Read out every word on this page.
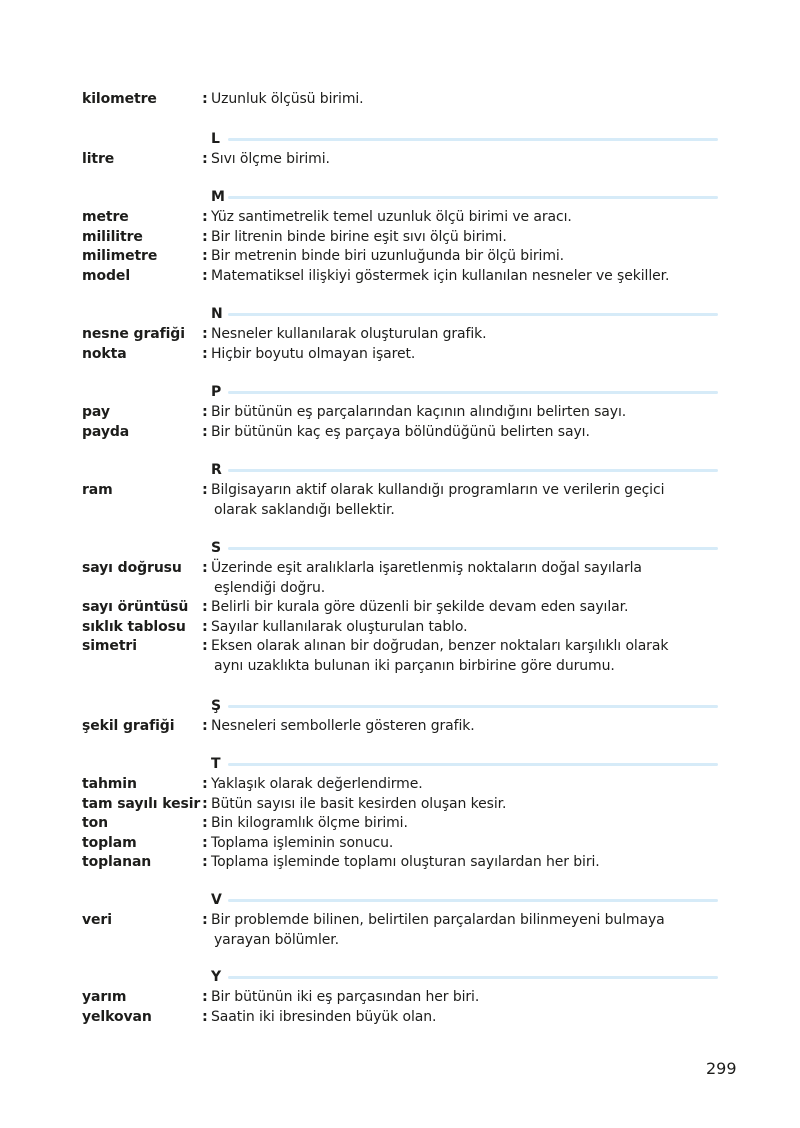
kilometre	: Uzunluk ölçüsü birimi.
L
litre	: Sıvı ölçme birimi.
M
metre	: Yüz santimetrelik temel uzunluk ölçü birimi ve aracı.
mililitre	: Bir litrenin binde birine eşit sıvı ölçü birimi.
milimetre	: Bir metrenin binde biri uzunluğunda bir ölçü birimi.
model	: Matematiksel ilişkiyi göstermek için kullanılan nesneler ve şekiller.
N
nesne grafiği : Nesneler kullanılarak oluşturulan grafik.
nokta	: Hiçbir boyutu olmayan işaret.
P
pay	: Bir bütünün eş parçalarından kaçının alındığını belirten sayı.
payda	: Bir bütünün kaç eş parçaya bölündüğünü belirten sayı.
R
ram	: Bilgisayarın aktif olarak kullandığı programların ve verilerin geçici
olarak saklandığı bellektir.
S
sayı doğrusu : Üzerinde eşit aralıklarla işaretlenmiş noktaların doğal sayılarla
eşlendiği doğru.
sayı örüntüsü : Belirli bir kurala göre düzenli bir şekilde devam eden sayılar.
sıklık tablosu : Sayılar kullanılarak oluşturulan tablo.
simetri	: Eksen olarak alınan bir doğrudan, benzer noktaları karşılıklı olarak
aynı uzaklıkta bulunan iki parçanın birbirine göre durumu.
Ş
şekil grafiği : Nesneleri sembollerle gösteren grafik.
T
tahmin	: Yaklaşık olarak değerlendirme.
tam sayılı kesir : Bütün sayısı ile basit kesirden oluşan kesir.
ton	: Bin kilogramlık ölçme birimi.
toplam	: Toplama işleminin sonucu.
toplanan	: Toplama işleminde toplamı oluşturan sayılardan her biri.
V
veri	: Bir problemde bilinen, belirtilen parçalardan bilinmeyeni bulmaya
yarayan bölümler.
Y
yarım	: Bir bütünün iki eş parçasından her biri.
yelkovan	: Saatin iki ibresinden büyük olan.
299
